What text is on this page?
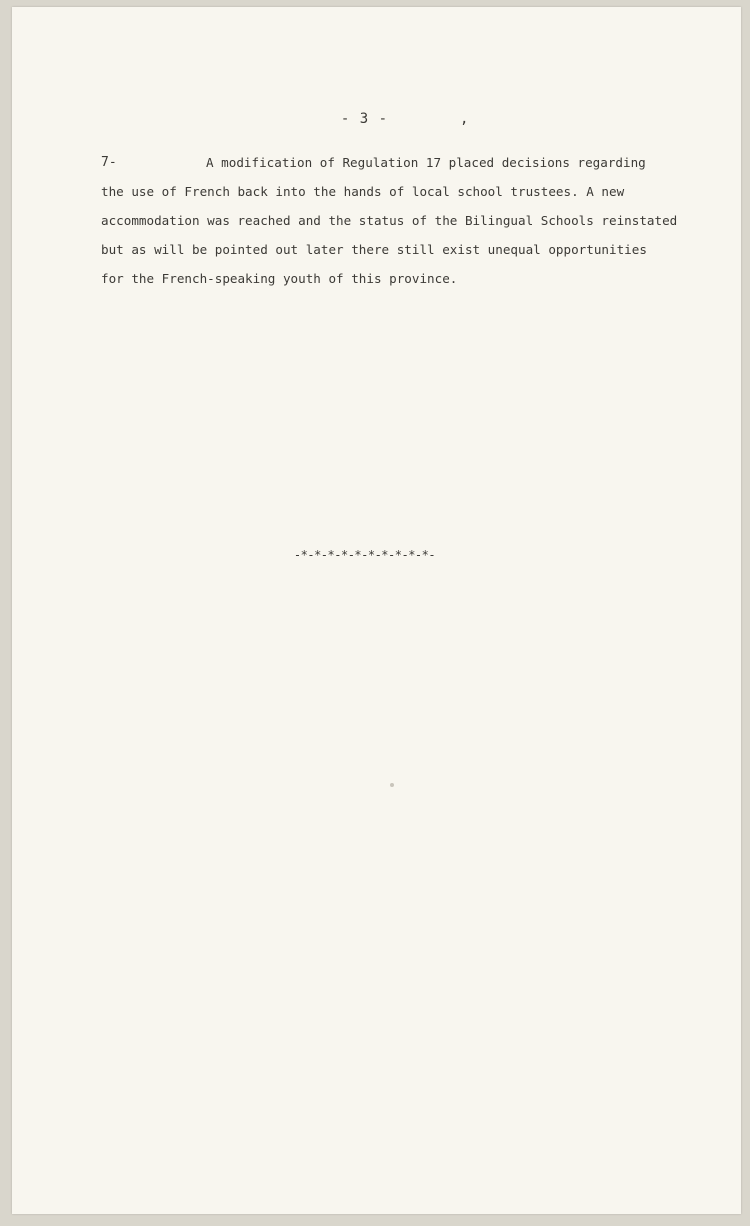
- 3 -	,
7-	A modification of Regulation 17 placed decisions regarding
the use of French back into the hands of local school trustees. A new
accommodation was reached and the status of the Bilingual Schools reinstated
but as will be pointed out later there still exist unequal opportunities
for the French-speaking youth of this province.
-*-*-*-*-*-*-*-*-*-*-
